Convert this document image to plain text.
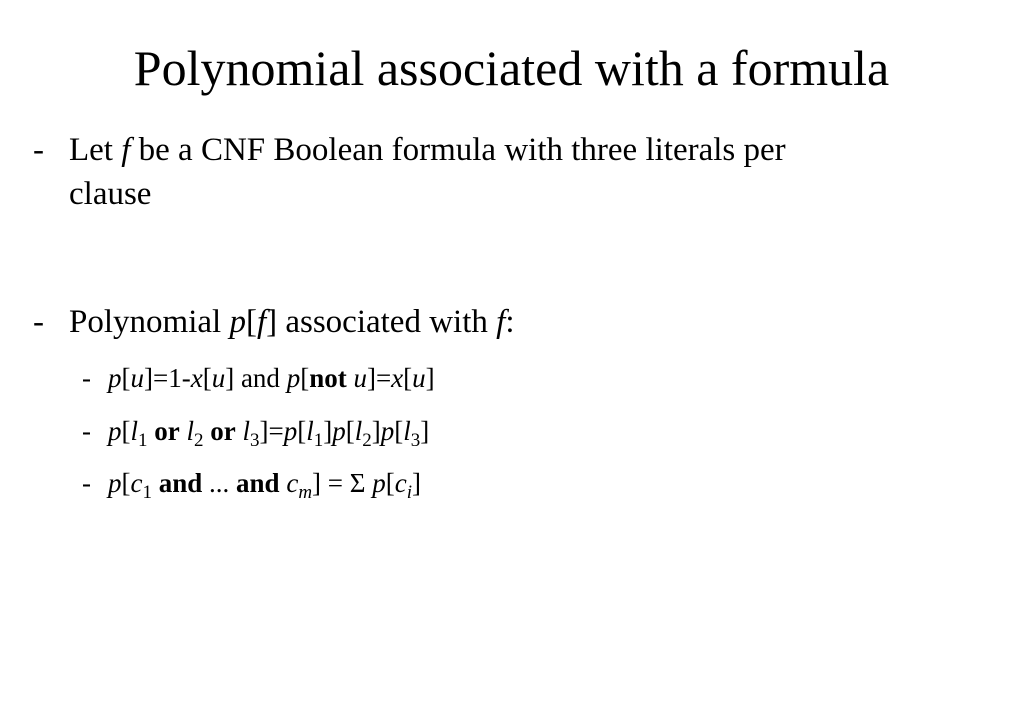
Polynomial associated with a formula
- Let f be a CNF Boolean formula with three literals per
clause
- Polynomial p[f] associated with f:
- p[u]=1-x[u] and p[not u]=x[u]
- $p[l_1$ or $l_2$ or $l_3]=p[l_1]p[l_2]p[l_3]$
- $p[c_1$ and ... and $c_m] = \Sigma$ $p[c_i]$
